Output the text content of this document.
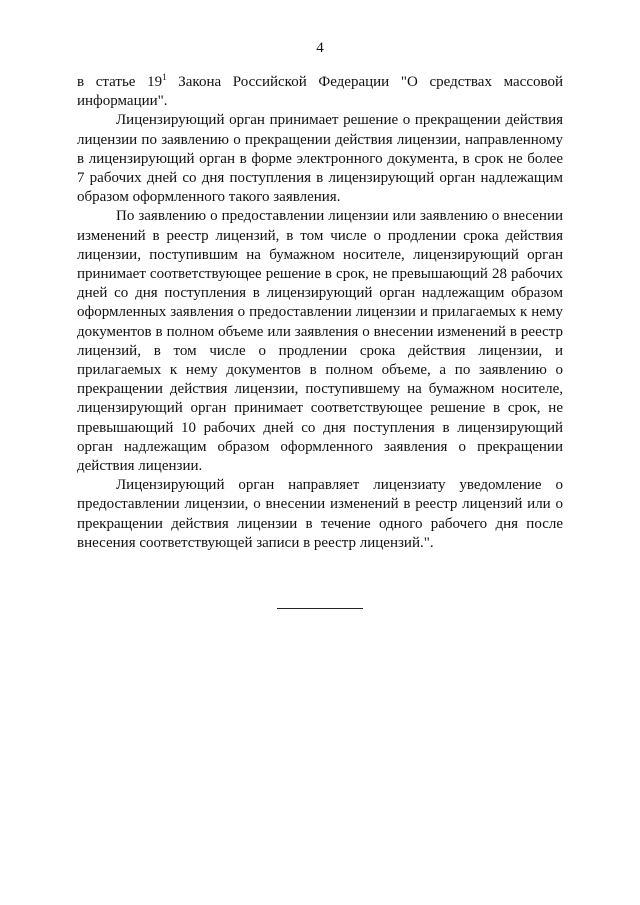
4

в статье $19^1$ Закона Российской Федерации "О средствах массовой информации".

Лицензирующий орган принимает решение о прекращении действия лицензии по заявлению о прекращении действия лицензии, направленному в лицензирующий орган в форме электронного документа, в срок не более 7 рабочих дней со дня поступления в лицензирующий орган надлежащим образом оформленного такого заявления.

По заявлению о предоставлении лицензии или заявлению о внесении изменений в реестр лицензий, в том числе о продлении срока действия лицензии, поступившим на бумажном носителе, лицензирующий орган принимает соответствующее решение в срок, не превышающий 28 рабочих дней со дня поступления в лицензирующий орган надлежащим образом оформленных заявления о предоставлении лицензии и прилагаемых к нему документов в полном объеме или заявления о внесении изменений в реестр лицензий, в том числе о продлении срока действия лицензии, и прилагаемых к нему документов в полном объеме, а по заявлению о прекращении действия лицензии, поступившему на бумажном носителе, лицензирующий орган принимает соответствующее решение в срок, не превышающий 10 рабочих дней со дня поступления в лицензирующий орган надлежащим образом оформленного заявления о прекращении действия лицензии.

Лицензирующий орган направляет лицензиату уведомление о предоставлении лицензии, о внесении изменений в реестр лицензий или о прекращении действия лицензии в течение одного рабочего дня после внесения соответствующей записи в реестр лицензий.".
